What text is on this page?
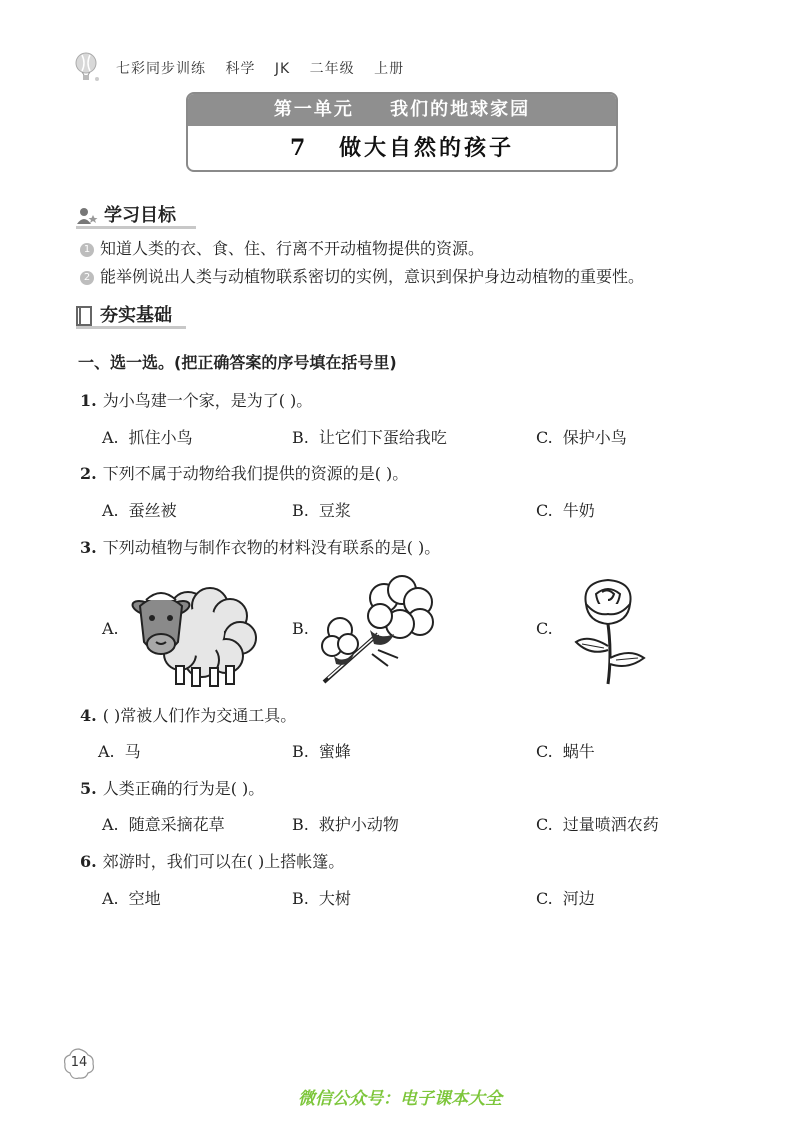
七彩同步训练 科学 JK 二年级 上册
第一单元 我们的地球家园
7 做大自然的孩子
学习目标
1 知道人类的衣、食、住、行离不开动植物提供的资源。
2 能举例说出人类与动植物联系密切的实例，意识到保护身边动植物的重要性。
夯实基础
一、选一选。(把正确答案的序号填在括号里)
1. 为小鸟建一个家，是为了( )。
A. 抓住小鸟	B. 让它们下蛋给我吃	C. 保护小鸟
2. 下列不属于动物给我们提供的资源的是( )。
A. 蚕丝被	B. 豆浆	C. 牛奶
3. 下列动植物与制作衣物的材料没有联系的是( )。
A.	B.	C.
4. ( )常被人们作为交通工具。
A. 马	B. 蜜蜂	C. 蜗牛
5. 人类正确的行为是( )。
A. 随意采摘花草	B. 救护小动物	C. 过量喷洒农药
6. 郊游时，我们可以在( )上搭帐篷。
A. 空地	B. 大树	C. 河边
14
微信公众号：电子课本大全
